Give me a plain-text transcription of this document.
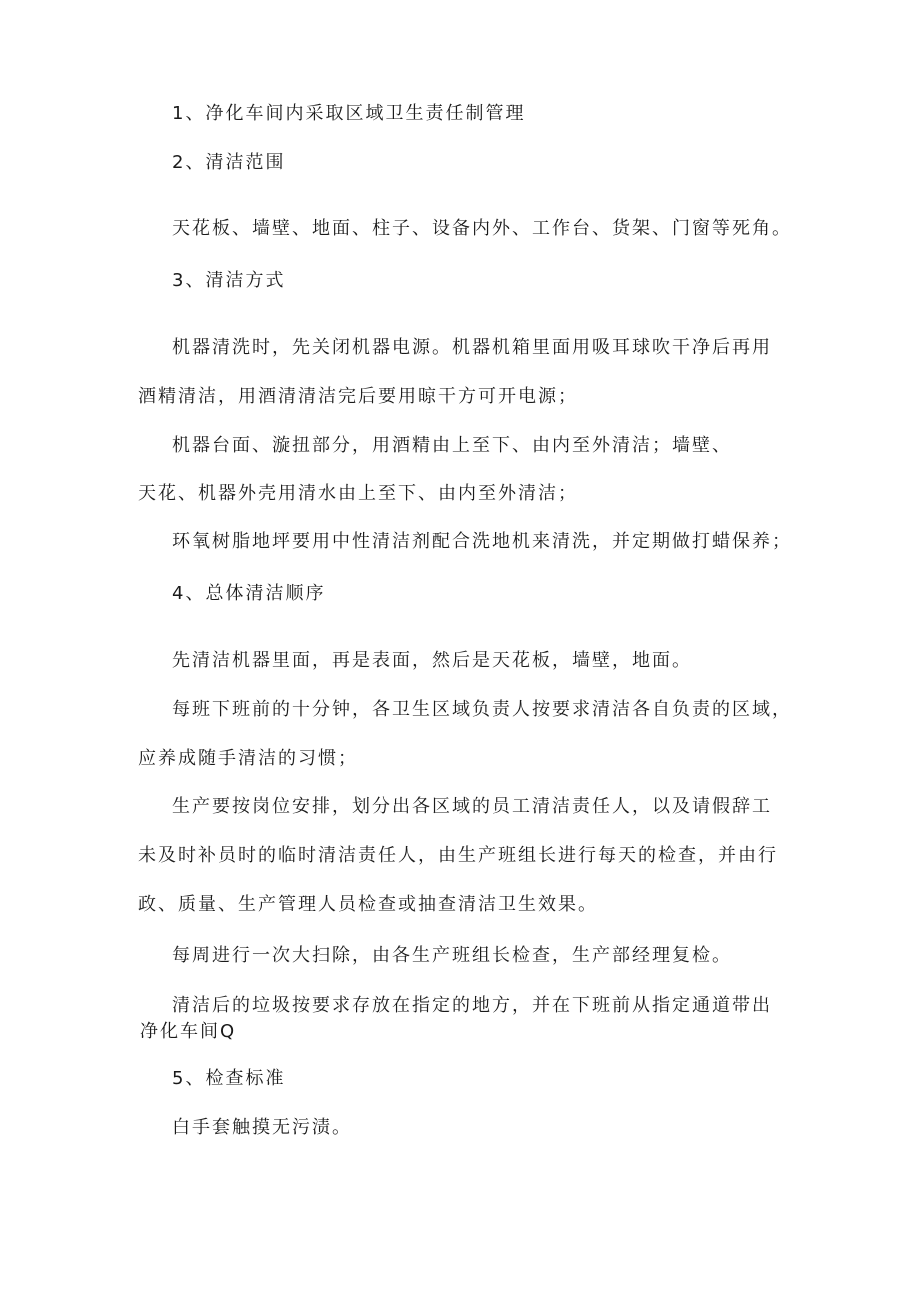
1、净化车间内采取区域卫生责任制管理
2、清洁范围
天花板、墙壁、地面、柱子、设备内外、工作台、货架、门窗等死角。
3、清洁方式
机器清洗时，先关闭机器电源。机器机箱里面用吸耳球吹干净后再用
酒精清洁，用酒清清洁完后要用晾干方可开电源；
机器台面、漩扭部分，用酒精由上至下、由内至外清洁；墙壁、
天花、机器外壳用清水由上至下、由内至外清洁；
环氧树脂地坪要用中性清洁剂配合洗地机来清洗，并定期做打蜡保养；
4、总体清洁顺序
先清洁机器里面，再是表面，然后是天花板，墙壁，地面。
每班下班前的十分钟，各卫生区域负责人按要求清洁各自负责的区域，
应养成随手清洁的习惯；
生产要按岗位安排，划分出各区域的员工清洁责任人，以及请假辞工
未及时补员时的临时清洁责任人，由生产班组长进行每天的检查，并由行
政、质量、生产管理人员检查或抽查清洁卫生效果。
每周进行一次大扫除，由各生产班组长检查，生产部经理复检。
清洁后的垃圾按要求存放在指定的地方，并在下班前从指定通道带出
净化车间Q
5、检查标准
白手套触摸无污渍。
